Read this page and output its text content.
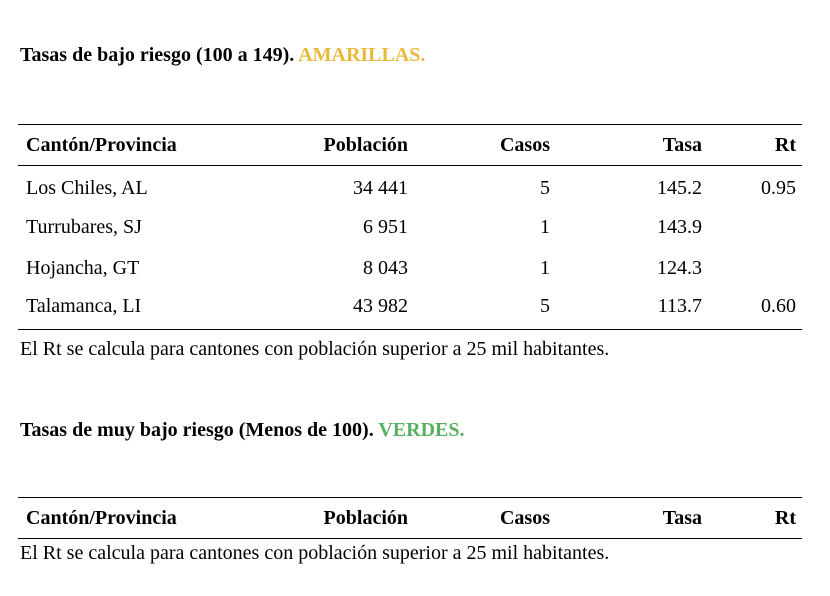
Tasas de bajo riesgo (100 a 149). AMARILLAS.
Cantón/Provincia	Población	Casos	Tasa	Rt
Los Chiles, AL	34 441	5	145.2	0.95
Turrubares, SJ	6 951	1	143.9	
Hojancha, GT	8 043	1	124.3	
Talamanca, LI	43 982	5	113.7	0.60
El Rt se calcula para cantones con población superior a 25 mil habitantes.
Tasas de muy bajo riesgo (Menos de 100). VERDES.
Cantón/Provincia	Población	Casos	Tasa	Rt
El Rt se calcula para cantones con población superior a 25 mil habitantes.
